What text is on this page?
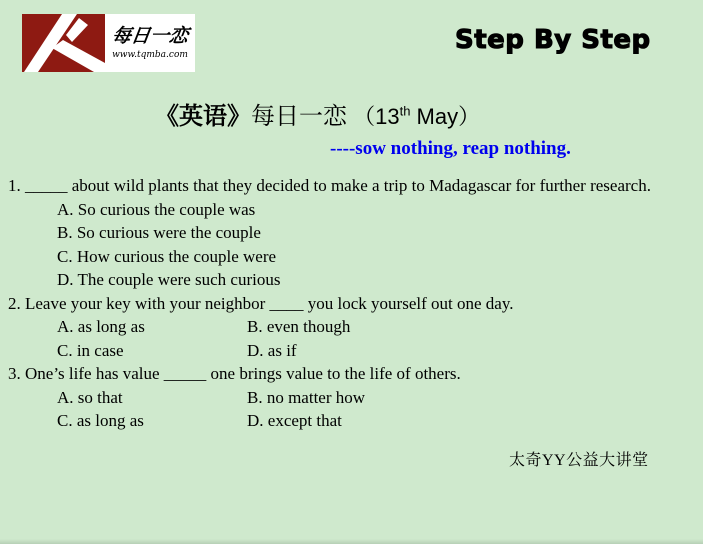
每日一恋
www.tqmba.com	Step By Step
《英语》每日一恋 （13th May）
----sow nothing, reap nothing.

1. _____ about wild plants that they decided to make a trip to Madagascar for further research.

A. So curious the couple was
B. So curious were the couple
C. How curious the couple were
D. The couple were such curious

2. Leave your key with your neighbor ____ you lock yourself out one day.

A. as long as	B. even though
C. in case	D. as if

3. One’s life has value _____ one brings value to the life of others.

A. so that	B. no matter how
C. as long as	D. except that
太奇YY公益大讲堂
